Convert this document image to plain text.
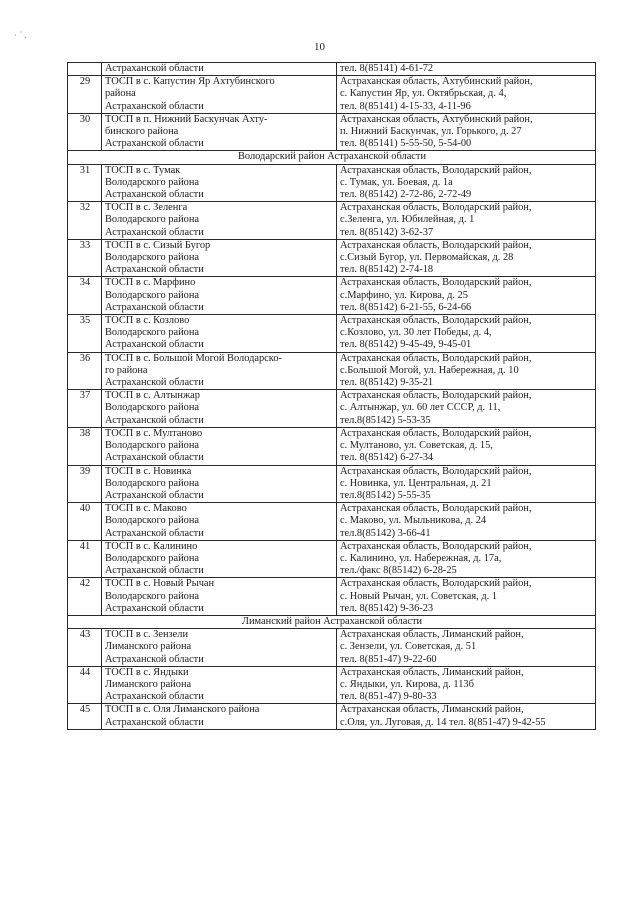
· ˙ .
10
	Астраханской области	тел. 8(85141) 4-61-72
29	ТОСП в с. Капустин Яр Ахтубинского
района
Астраханской области	Астраханская область, Ахтубинский район,
с. Капустин Яр, ул. Октябрьская, д. 4,
тел. 8(85141) 4-15-33, 4-11-96
30	ТОСП в п. Нижний Баскунчак Ахту-
бинского района
Астраханской области	Астраханская область, Ахтубинский район,
п. Нижний Баскунчак, ул. Горького, д. 27
тел. 8(85141) 5-55-50, 5-54-00
Володарский район Астраханской области		
31	ТОСП в с. Тумак
Володарского района
Астраханской области	Астраханская область, Володарский район,
с. Тумак, ул. Боевая, д. 1а
тел. 8(85142) 2-72-86, 2-72-49
32	ТОСП в с. Зеленга
Володарского района
Астраханской области	Астраханская область, Володарский район,
с.Зеленга, ул. Юбилейная, д. 1
тел. 8(85142) 3-62-37
33	ТОСП в с. Сизый Бугор
Володарского района
Астраханской области	Астраханская область, Володарский район,
с.Сизый Бугор, ул. Первомайская, д. 28
тел. 8(85142) 2-74-18
34	ТОСП в с. Марфино
Володарского района
Астраханской области	Астраханская область, Володарский район,
с.Марфино, ул. Кирова, д. 25
тел. 8(85142) 6-21-55, 6-24-66
35	ТОСП в с. Козлово
Володарского района
Астраханской области	Астраханская область, Володарский район,
с.Козлово, ул. 30 лет Победы, д. 4,
тел. 8(85142) 9-45-49, 9-45-01
36	ТОСП в с. Большой Могой Володарско-
го района
Астраханской области	Астраханская область, Володарский район,
с.Большой Могой, ул. Набережная, д. 10
тел. 8(85142) 9-35-21
37	ТОСП в с. Алтынжар
Володарского района
Астраханской области	Астраханская область, Володарский район,
с. Алтынжар, ул. 60 лет СССР, д. 11,
тел.8(85142) 5-53-35
38	ТОСП в с. Мултаново
Володарского района
Астраханской области	Астраханская область, Володарский район,
с. Мултаново, ул. Советская, д. 15,
тел. 8(85142) 6-27-34
39	ТОСП в с. Новинка
Володарского района
Астраханской области	Астраханская область, Володарский район,
с. Новинка, ул. Центральная, д. 21
тел.8(85142) 5-55-35
40	ТОСП в с. Маково
Володарского района
Астраханской области	Астраханская область, Володарский район,
с. Маково, ул. Мыльникова, д. 24
тел.8(85142) 3-66-41
41	ТОСП в с. Калинино
Володарского района
Астраханской области	Астраханская область, Володарский район,
с. Калинино, ул. Набережная, д. 17а,
тел./факс 8(85142) 6-28-25
42	ТОСП в с. Новый Рычан
Володарского района
Астраханской области	Астраханская область, Володарский район,
с. Новый Рычан, ул. Советская, д. 1
тел. 8(85142) 9-36-23
Лиманский район Астраханской области		
43	ТОСП в с. Зензели
Лиманского района
Астраханской области	Астраханская область, Лиманский район,
с. Зензели, ул. Советская, д. 51
тел. 8(851-47) 9-22-60
44	ТОСП в с. Яндыки
Лиманского района
Астраханской области	Астраханская область, Лиманский район,
с. Яндыки, ул. Кирова, д. 113б
тел. 8(851-47) 9-80-33
45	ТОСП в с. Оля Лиманского района
Астраханской области	Астраханская область, Лиманский район,
с.Оля, ул. Луговая, д. 14 тел. 8(851-47) 9-42-55
